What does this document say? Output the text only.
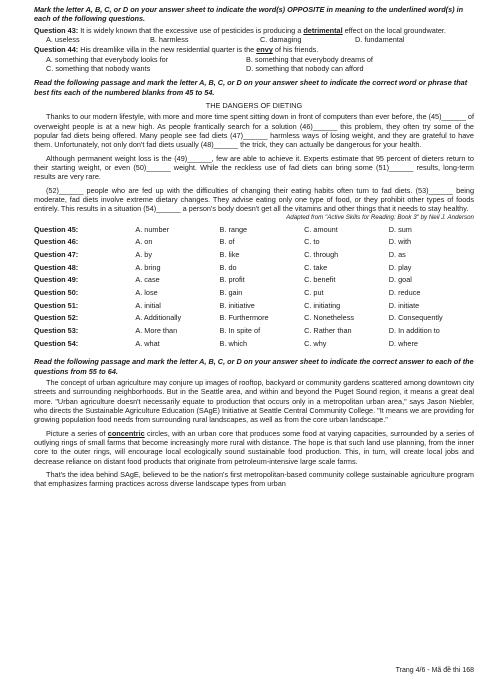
Mark the letter A, B, C, or D on your answer sheet to indicate the word(s) OPPOSITE in meaning to the underlined word(s) in each of the following questions.
Question 43: It is widely known that the excessive use of pesticides is producing a detrimental effect on the local groundwater.
A. useless	B. harmless	C. damaging	D. fundamental
Question 44: His dreamlike villa in the new residential quarter is the envy of his friends.
A. something that everybody looks for	B. something that everybody dreams of
C. something that nobody wants	D. something that nobody can afford
Read the following passage and mark the letter A, B, C, or D on your answer sheet to indicate the correct word or phrase that best fits each of the numbered blanks from 45 to 54.
THE DANGERS OF DIETING

Thanks to our modern lifestyle, with more and more time spent sitting down in front of computers than ever before, the (45)______ of overweight people is at a new high. As people frantically search for a solution (46)______ this problem, they often try some of the popular fad diets being offered. Many people see fad diets (47)______ harmless ways of losing weight, and they are grateful to have them. Unfortunately, not only don't fad diets usually (48)______ the trick, they can actually be dangerous for your health.

Although permanent weight loss is the (49)______, few are able to achieve it. Experts estimate that 95 percent of dieters return to their starting weight, or even (50)______ weight. While the reckless use of fad diets can bring some (51)______ results, long-term results are very rare.

(52)______ people who are fed up with the difficulties of changing their eating habits often turn to fad diets. (53)______ being moderate, fad diets involve extreme dietary changes. They advise eating only one type of food, or they prohibit other types of foods entirely. This results in a situation (54)______ a person's body doesn't get all the vitamins and other things that it needs to stay healthy.

Adapted from "Active Skills for Reading: Book 3" by Neil J. Anderson
Question 45:	A. number	B. range	C. amount	D. sum
Question 46:	A. on	B. of	C. to	D. with
Question 47:	A. by	B. like	C. through	D. as
Question 48:	A. bring	B. do	C. take	D. play
Question 49:	A. case	B. profit	C. benefit	D. goal
Question 50:	A. lose	B. gain	C. put	D. reduce
Question 51:	A. initial	B. initiative	C. initiating	D. initiate
Question 52:	A. Additionally	B. Furthermore	C. Nonetheless	D. Consequently
Question 53:	A. More than	B. In spite of	C. Rather than	D. In addition to
Question 54:	A. what	B. which	C. why	D. where
Read the following passage and mark the letter A, B, C, or D on your answer sheet to indicate the correct answer to each of the questions from 55 to 64.

The concept of urban agriculture may conjure up images of rooftop, backyard or community gardens scattered among downtown city streets and surrounding neighborhoods. But in the Seattle area, and within and beyond the Puget Sound region, it means a great deal more. "Urban agriculture doesn't necessarily equate to production that occurs only in a metropolitan urban area," says Jason Niebler, who directs the Sustainable Agriculture Education (SAgE) Initiative at Seattle Central Community College. "It means we are providing for growing population food needs from surrounding rural landscapes, as well as from the core urban landscape."

Picture a series of concentric circles, with an urban core that produces some food at varying capacities, surrounded by a series of outlying rings of small farms that become increasingly more rural with distance. The hope is that such land use planning, from the inner core to the outer rings, will encourage local ecologically sound sustainable food production. This, in turn, will create local jobs and decrease reliance on distant food products that originate from petroleum-intensive large scale farms.

That's the idea behind SAgE, believed to be the nation's first metropolitan-based community college sustainable agriculture program that emphasizes farming practices across diverse landscape types from urban

Trang 4/6 - Mã đề thi 168
